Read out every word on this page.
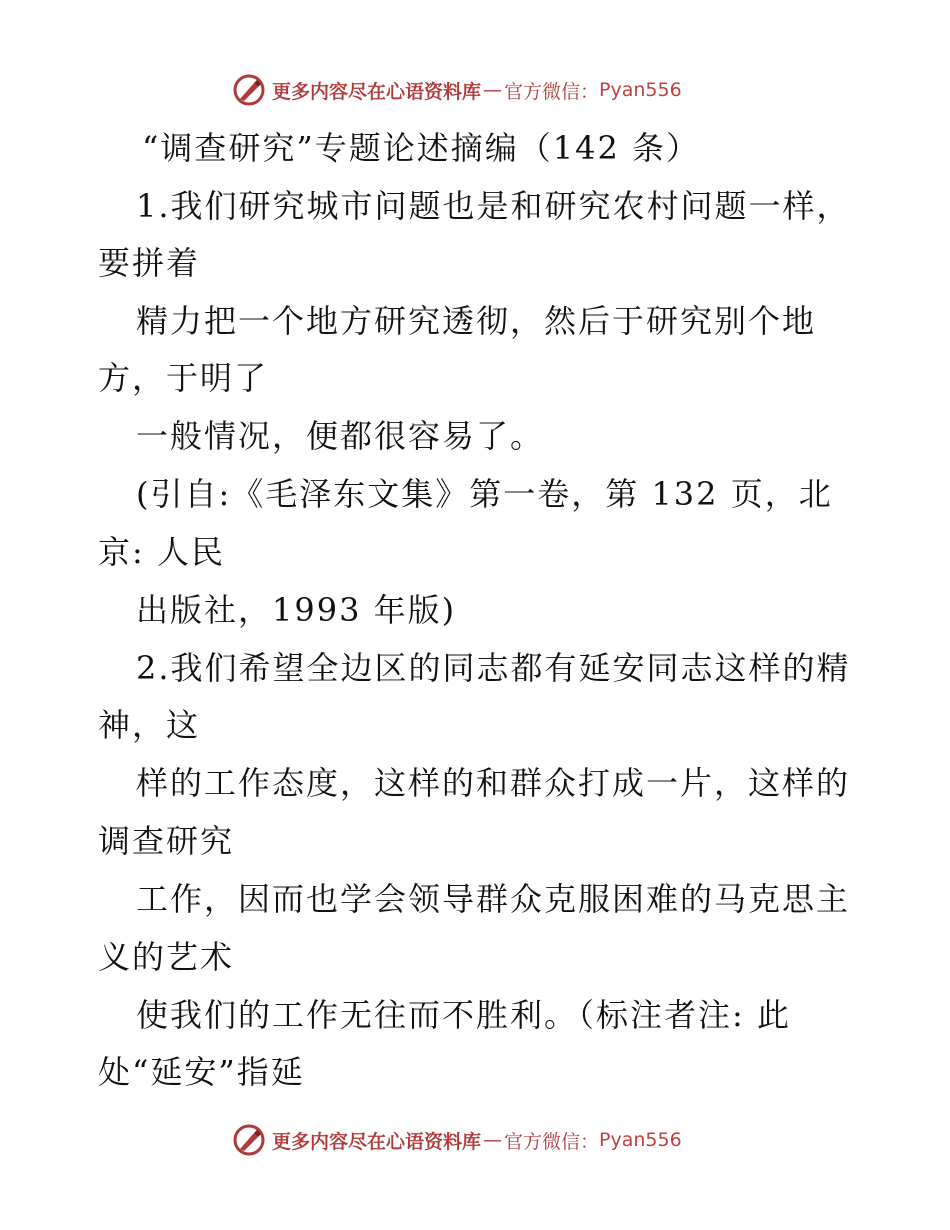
更多内容尽在心语资料库 — 官方微信： Pyan556
“调查研究”专题论述摘编（142 条）
1.我们研究城市问题也是和研究农村问题一样，
要拼着
精力把一个地方研究透彻，然后于研究别个地
方，于明了
一般情况，便都很容易了。
(引自:《毛泽东文集》第一卷，第 132 页，北
京: 人民
出版社，1993 年版)
2.我们希望全边区的同志都有延安同志这样的精
神，这
样的工作态度，这样的和群众打成一片，这样的
调查研究
工作，因而也学会领导群众克服困难的马克思主
义的艺术
使我们的工作无往而不胜利。（标注者注: 此
处“延安”指延
更多内容尽在心语资料库 — 官方微信： Pyan556
